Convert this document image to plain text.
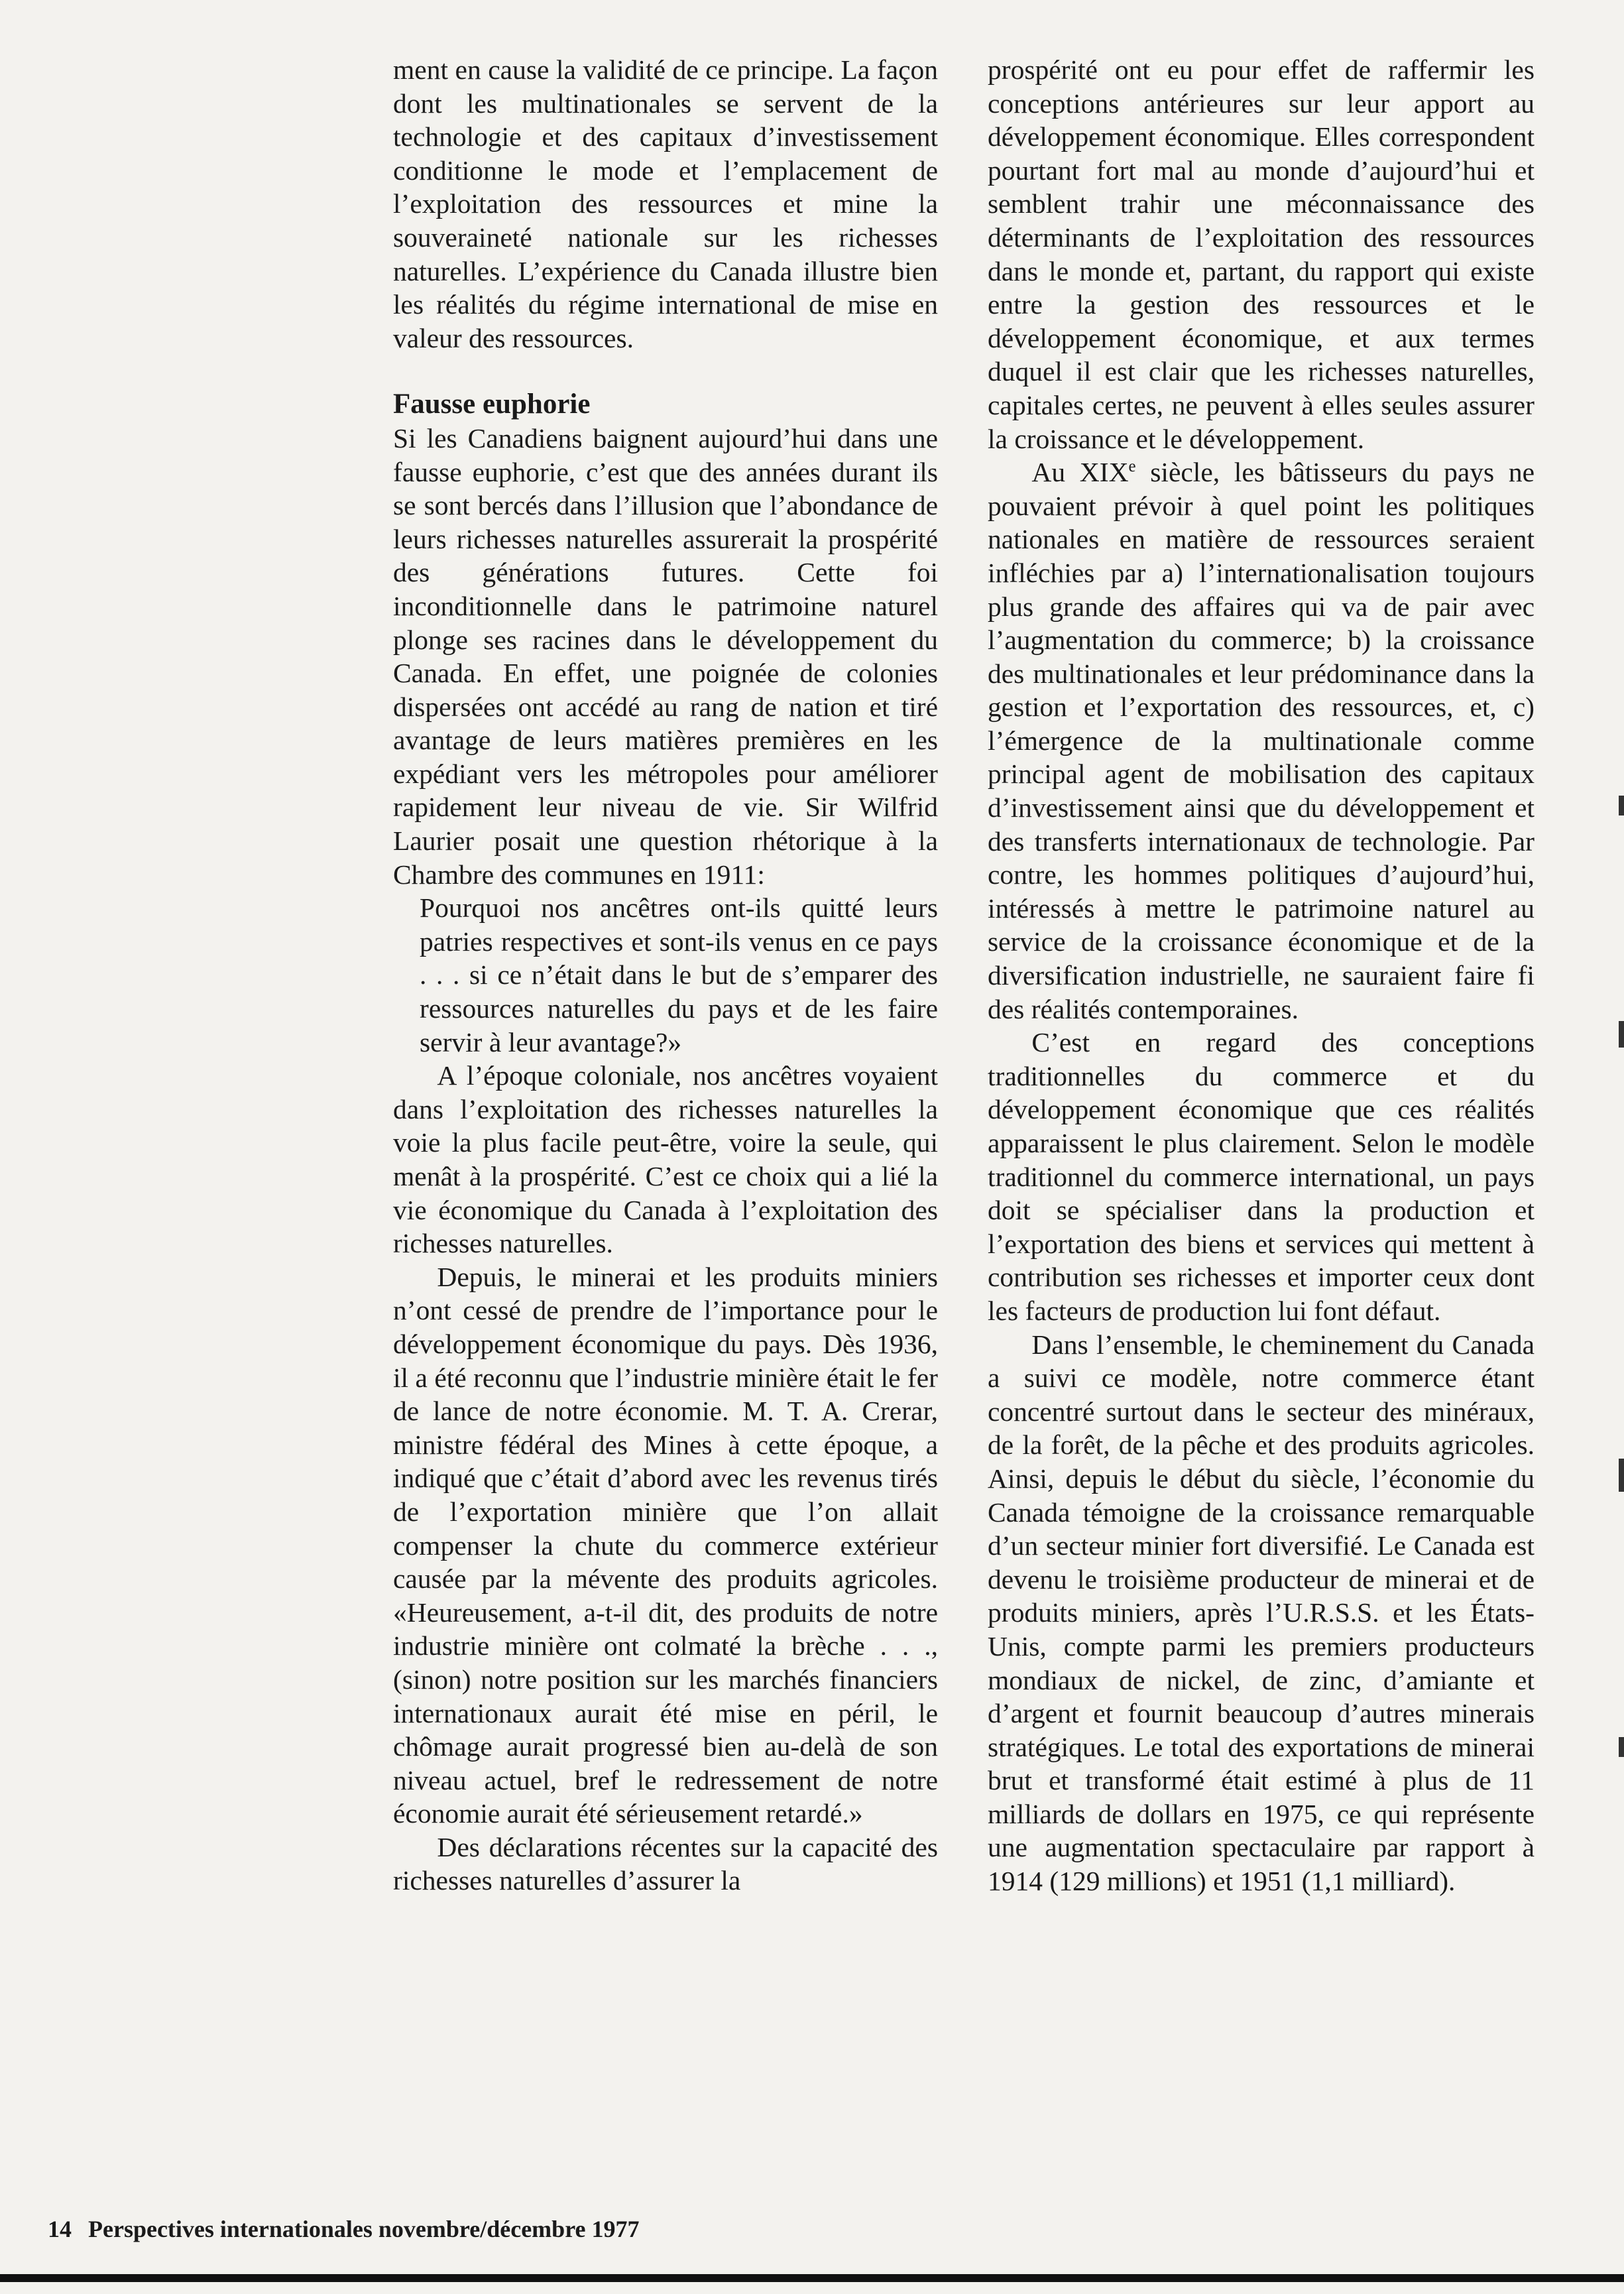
ment en cause la validité de ce principe. La façon dont les multinationales se servent de la technologie et des capitaux d’investissement conditionne le mode et l’emplacement de l’exploitation des ressources et mine la souveraineté nationale sur les richesses naturelles. L’expérience du Canada illustre bien les réalités du régime international de mise en valeur des ressources.

Fausse euphorie

Si les Canadiens baignent aujourd’hui dans une fausse euphorie, c’est que des années durant ils se sont bercés dans l’illusion que l’abondance de leurs richesses naturelles assurerait la prospérité des générations futures. Cette foi inconditionnelle dans le patrimoine naturel plonge ses racines dans le développement du Canada. En effet, une poignée de colonies dispersées ont accédé au rang de nation et tiré avantage de leurs matières premières en les expédiant vers les métropoles pour améliorer rapidement leur niveau de vie. Sir Wilfrid Laurier posait une question rhétorique à la Chambre des communes en 1911:

Pourquoi nos ancêtres ont-ils quitté leurs patries respectives et sont-ils venus en ce pays . . . si ce n’était dans le but de s’emparer des ressources naturelles du pays et de les faire servir à leur avantage?»

A l’époque coloniale, nos ancêtres voyaient dans l’exploitation des richesses naturelles la voie la plus facile peut-être, voire la seule, qui menât à la prospérité. C’est ce choix qui a lié la vie économique du Canada à l’exploitation des richesses naturelles.

Depuis, le minerai et les produits miniers n’ont cessé de prendre de l’importance pour le développement économique du pays. Dès 1936, il a été reconnu que l’industrie minière était le fer de lance de notre économie. M. T. A. Crerar, ministre fédéral des Mines à cette époque, a indiqué que c’était d’abord avec les revenus tirés de l’exportation minière que l’on allait compenser la chute du commerce extérieur causée par la mévente des produits agricoles. «Heureusement, a-t-il dit, des produits de notre industrie minière ont colmaté la brèche . . ., (sinon) notre position sur les marchés financiers internationaux aurait été mise en péril, le chômage aurait progressé bien au-delà de son niveau actuel, bref le redressement de notre économie aurait été sérieusement retardé.»

Des déclarations récentes sur la capacité des richesses naturelles d’assurer la

prospérité ont eu pour effet de raffermir les conceptions antérieures sur leur apport au développement économique. Elles correspondent pourtant fort mal au monde d’aujourd’hui et semblent trahir une méconnaissance des déterminants de l’exploitation des ressources dans le monde et, partant, du rapport qui existe entre la gestion des ressources et le développement économique, et aux termes duquel il est clair que les richesses naturelles, capitales certes, ne peuvent à elles seules assurer la croissance et le développement.

Au XIXe siècle, les bâtisseurs du pays ne pouvaient prévoir à quel point les politiques nationales en matière de ressources seraient infléchies par a) l’internationalisation toujours plus grande des affaires qui va de pair avec l’augmentation du commerce; b) la croissance des multinationales et leur prédominance dans la gestion et l’exportation des ressources, et, c) l’émergence de la multinationale comme principal agent de mobilisation des capitaux d’investissement ainsi que du développement et des transferts internationaux de technologie. Par contre, les hommes politiques d’aujourd’hui, intéressés à mettre le patrimoine naturel au service de la croissance économique et de la diversification industrielle, ne sauraient faire fi des réalités contemporaines.

C’est en regard des conceptions traditionnelles du commerce et du développement économique que ces réalités apparaissent le plus clairement. Selon le modèle traditionnel du commerce international, un pays doit se spécialiser dans la production et l’exportation des biens et services qui mettent à contribution ses richesses et importer ceux dont les facteurs de production lui font défaut.

Dans l’ensemble, le cheminement du Canada a suivi ce modèle, notre commerce étant concentré surtout dans le secteur des minéraux, de la forêt, de la pêche et des produits agricoles. Ainsi, depuis le début du siècle, l’économie du Canada témoigne de la croissance remarquable d’un secteur minier fort diversifié. Le Canada est devenu le troisième producteur de minerai et de produits miniers, après l’U.R.S.S. et les États-Unis, compte parmi les premiers producteurs mondiaux de nickel, de zinc, d’amiante et d’argent et fournit beaucoup d’autres minerais stratégiques. Le total des exportations de minerai brut et transformé était estimé à plus de 11 milliards de dollars en 1975, ce qui représente une augmentation spectaculaire par rapport à 1914 (129 millions) et 1951 (1,1 milliard).

14 Perspectives internationales novembre/décembre 1977
